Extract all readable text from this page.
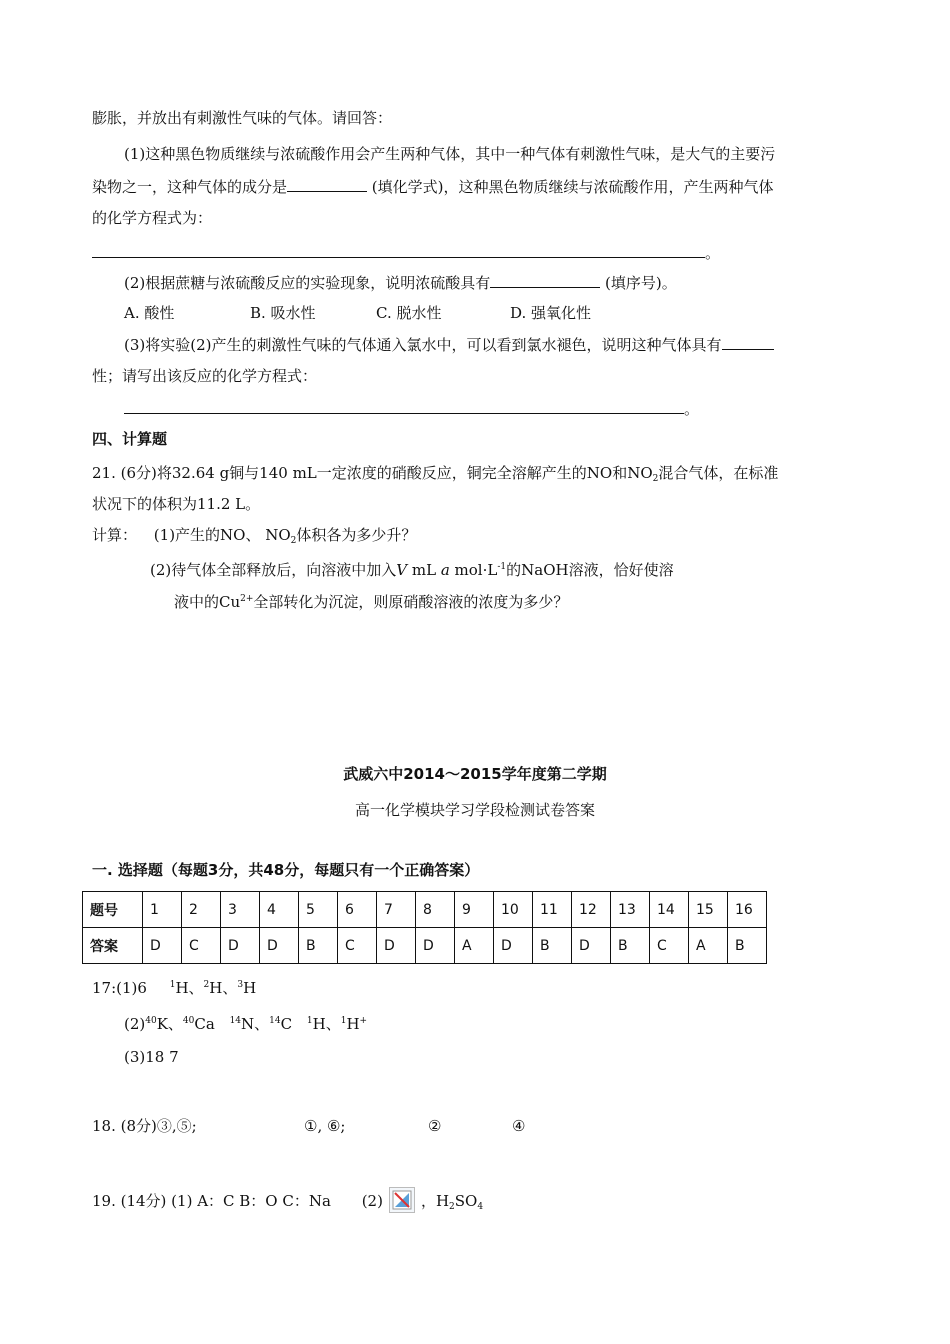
膨胀，并放出有刺激性气味的气体。请回答：
(1)这种黑色物质继续与浓硫酸作用会产生两种气体，其中一种气体有刺激性气味，是大气的主要污
染物之一，这种气体的成分是	(填化学式)，这种黑色物质继续与浓硫酸作用，产生两种气体
的化学方程式为：
。
(2)根据蔗糖与浓硫酸反应的实验现象，说明浓硫酸具有	(填序号)。
A. 酸性	B. 吸水性	C. 脱水性	D. 强氧化性
(3)将实验(2)产生的刺激性气味的气体通入氯水中，可以看到氯水褪色，说明这种气体具有
性；请写出该反应的化学方程式：
。
四、计算题
21. (6分)将32.64 g铜与140 mL一定浓度的硝酸反应，铜完全溶解产生的NO和$NO_2$混合气体，在标准
状况下的体积为11.2 L。
计算： (1)产生的NO、 $NO_2$体积各为多少升？
(2)待气体全部释放后，向溶液中加入V mL a $mol\cdot L^{-1}$的NaOH溶液，恰好使溶
液中的$Cu^{2+}$全部转化为沉淀，则原硝酸溶液的浓度为多少？
武威六中2014～2015学年度第二学期
高一化学模块学习学段检测试卷答案
一. 选择题（每题3分，共48分，每题只有一个正确答案）
题号	1	2	3	4	5	6	7	8	9	10	11	12	13	14	15	16
答案	D	C	D	D	B	C	D	D	A	D	B	D	B	C	A	B
17:(1)6	$^1$H、$^2$H、$^3$H
$(2)^{40}K$、$^{40}$Ca $^{14}$N、$^{14}$C $^1$H、$^1$H+
(3)18 7
18. (8分)③,⑤;	①, ⑥;	②	④
19. (14分) (1) A：C B：O C：Na (2)	，$H_2SO_4$
